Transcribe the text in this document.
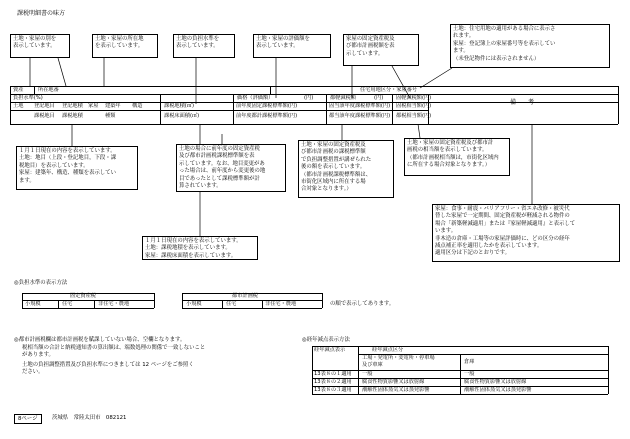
課税明細書の味方
土地・家屋の別を
表示しています。
土地・家屋の所在地
を表示しています。
土地の負担水準を
表示しています。
土地・家屋の評価額を
表示しています。
家屋の固定資産税及
び都市計画税額を表
示しています。
土地：住宅用地の適用がある場合に表示さ
れます。
家屋：登記簿上の家屋番号等を表示してい
ます。
（未登記物件には表示されません）
資産	所在地番	住宅用地区分・家屋番号
負担水準(%)	価格（評価額）	(円)	都軽減税額	(円) 固軽減税額(円)
備　　考
土地 登記地目 登記地積 家屋 建築年 構造	課税地積(㎡)	前年度固定課税標準額(円)	固当該年度課税標準額(円) 固税相当額(円)
課税地目 課税地積	種類	課税床面積(㎡)	前年度都計課税標準額(円)	都当該年度課税標準額(円) 都税相当額(円)
１月１日現在の内容を表示しています。
土地：地目（上段・登記地目，下段・課
税地目）を表示しています。
家屋：建築年、構造、種類を表示してい
ます。
土地の場合に前年度の固定資産税
及び都市計画税課税標準額を表
示しています。なお、地目変更があ
った場合は、前年度から変更後の地
目であったとして課税標準額が計
算されています。
土地・家屋の固定資産税及
び都市計画税の課税標準額
で負担調整措置が講ぜられた
後の額を表示しています。
（都市計画税課税標準額は、
市街化区域内に所在する場
合対象となります。）
土地・家屋の固定資産税及び都市計
画税の相当額を表示しています。
（都市計画税相当額は，市街化区域内
に所在する場合対象となります。）
１月１日現在の内容を表示しています。
土地：課税地積を表示しています。
家屋：課税床面積を表示しています。
家屋：食事・耐震・バリアフリー・省エネ改修・被災代
替した家屋で一定期間、固定資産税が軽減される物件の
場合「新築軽減適用」または『家屋軽減適用』と表示して
います。
非木造の倉庫・工場等の家屋評価時に、どの区分の経年
減点補正率を適用したかを表示しています。
適用区分は下記のとおりです。
◎負担水準の表示方法
固定資産税
小規模	住宅	非住宅・農地
都市計画税
小規模	住宅	非住宅・農地	の順で表示してあります。
◎都市計画税欄は都市計画税を賦課していない場合、空欄となります。
税相当額の合計と納税通知書の算出額は、端数処理の関係で一致しないこと
があります。
土地の負担調整措置及び負担水準につきましては 12 ページをご参照く
ださい。
◎経年減点表示方法
経年減点表示	経年減点区分
工場・発電所・変電所・停車場
及び車庫	倉庫
13表８の１適用 一般	一般
13表８の２適用 腐食性物質影響又は放射線	腐食性物質影響又は放射線
13表８の３適用 潮解性固体蒸気又は蒸発影響	潮解性固体蒸気又は蒸発影響
8ページ	茨城県　常陸太田市　082121
